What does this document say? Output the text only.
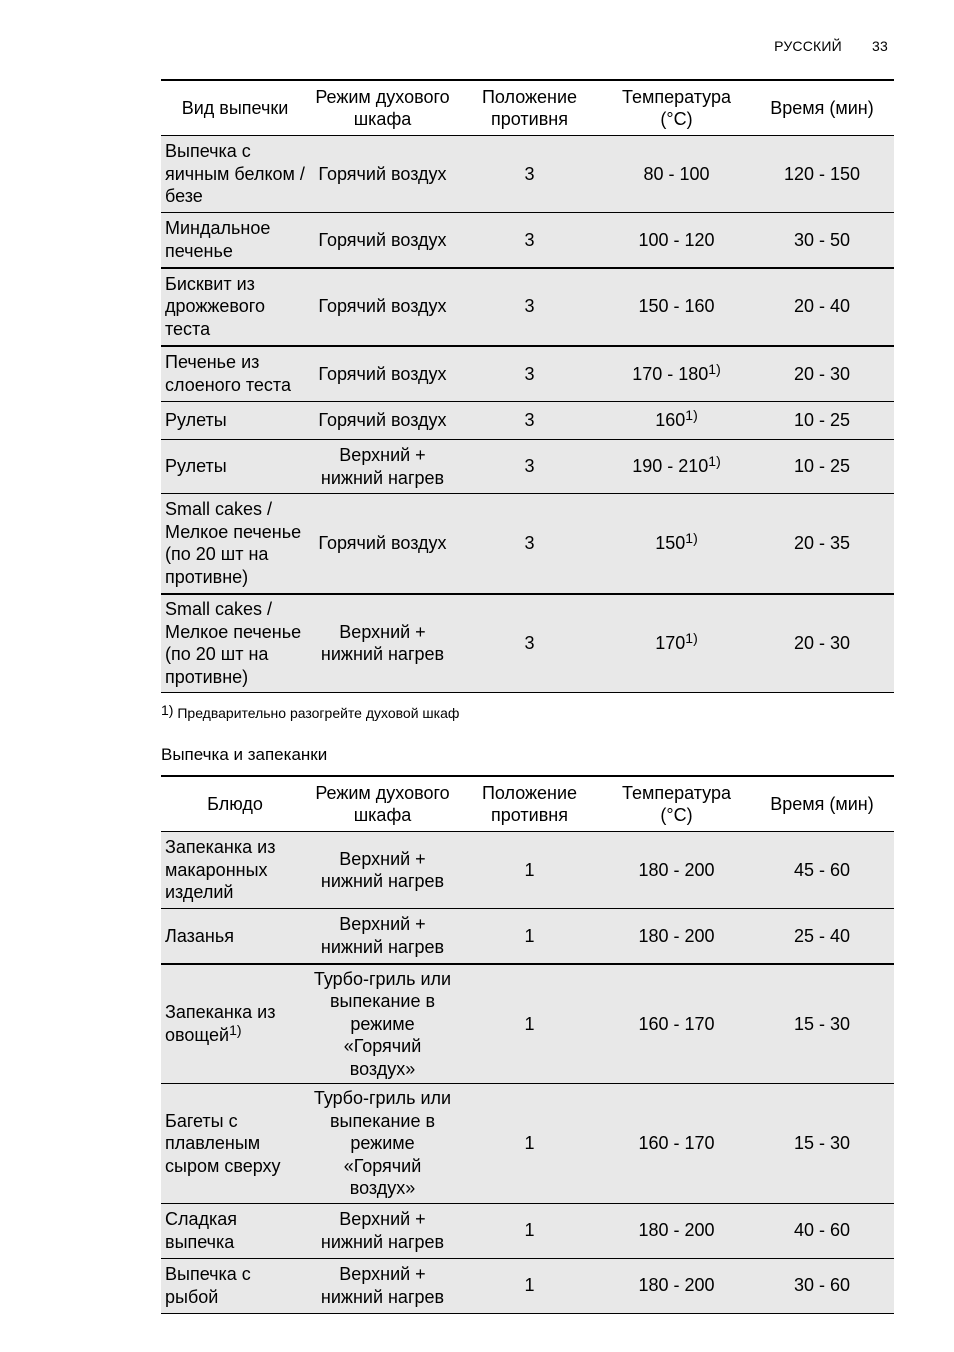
РУССКИЙ 33
Вид выпечки	Режим духового шкафа	Положение противня	Температура (°C)	Время (мин)
Выпечка с яичным белком / безе	Горячий воздух	3	80 - 100	120 - 150
Миндальное печенье	Горячий воздух	3	100 - 120	30 - 50
Бисквит из дрожжевого теста	Горячий воздух	3	150 - 160	20 - 40
Печенье из слоеного теста	Горячий воздух	3	170 - 180$^{1)}$	20 - 30
Рулеты	Горячий воздух	3	160$^{1)}$	10 - 25
Рулеты	Верхний + нижний нагрев	3	190 - 210$^{1)}$	10 - 25
Small cakes / Мелкое печенье (по 20 шт на противне)	Горячий воздух	3	150$^{1)}$	20 - 35
Small cakes / Мелкое печенье (по 20 шт на противне)	Верхний + нижний нагрев	3	170$^{1)}$	20 - 30
$^{1)}$ Предварительно разогрейте духовой шкаф
Выпечка и запеканки
Блюдо	Режим духового шкафа	Положение противня	Температура (°C)	Время (мин)
Запеканка из макаронных изделий	Верхний + нижний нагрев	1	180 - 200	45 - 60
Лазанья	Верхний + нижний нагрев	1	180 - 200	25 - 40
Запеканка из овощей$^{1)}$	Турбо-гриль или выпекание в режиме «Горячий воздух»	1	160 - 170	15 - 30
Багеты с плавленым сыром сверху	Турбо-гриль или выпекание в режиме «Горячий воздух»	1	160 - 170	15 - 30
Сладкая выпечка	Верхний + нижний нагрев	1	180 - 200	40 - 60
Выпечка с рыбой	Верхний + нижний нагрев	1	180 - 200	30 - 60
